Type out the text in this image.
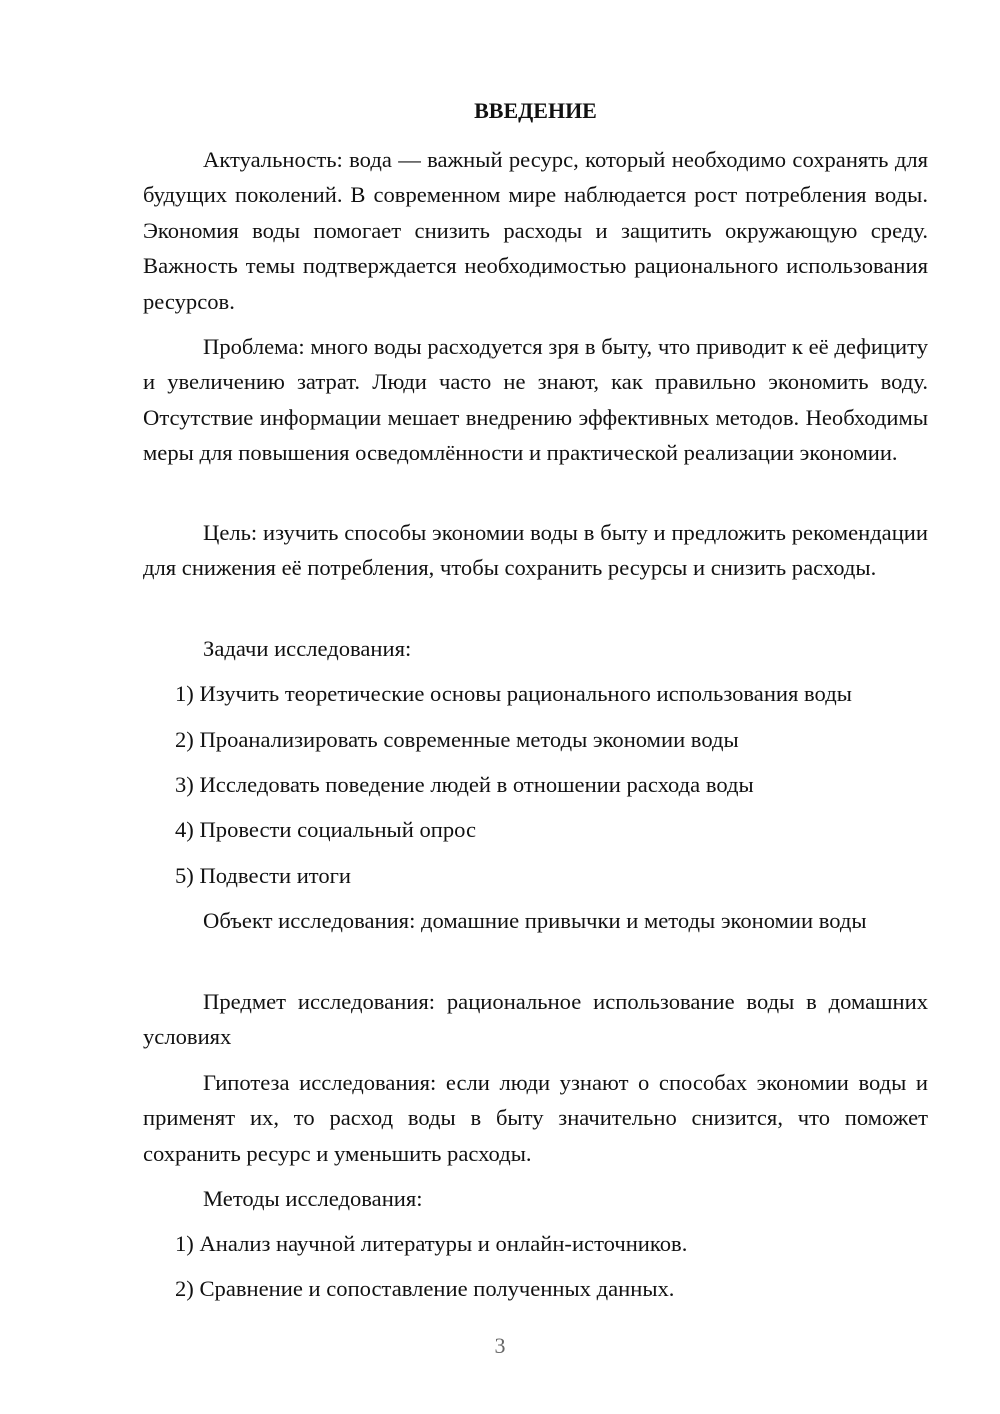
ВВЕДЕНИЕ

Актуальность: вода — важный ресурс, который необходимо сохранять для будущих поколений. В современном мире наблюдается рост потребления воды. Экономия воды помогает снизить расходы и защитить окружающую среду. Важность темы подтверждается необходимостью рационального использования ресурсов.

Проблема: много воды расходуется зря в быту, что приводит к её дефициту и увеличению затрат. Люди часто не знают, как правильно экономить воду. Отсутствие информации мешает внедрению эффективных методов. Необходимы меры для повышения осведомлённости и практической реализации экономии.

Цель: изучить способы экономии воды в быту и предложить рекомендации для снижения её потребления, чтобы сохранить ресурсы и снизить расходы.

Задачи исследования:
1) Изучить теоретические основы рационального использования воды
2) Проанализировать современные методы экономии воды
3) Исследовать поведение людей в отношении расхода воды
4) Провести социальный опрос
5) Подвести итоги

Объект исследования: домашние привычки и методы экономии воды

Предмет исследования: рациональное использование воды в домашних условиях

Гипотеза исследования: если люди узнают о способах экономии воды и применят их, то расход воды в быту значительно снизится, что поможет сохранить ресурс и уменьшить расходы.

Методы исследования:
1) Анализ научной литературы и онлайн-источников.
2) Сравнение и сопоставление полученных данных.
3
